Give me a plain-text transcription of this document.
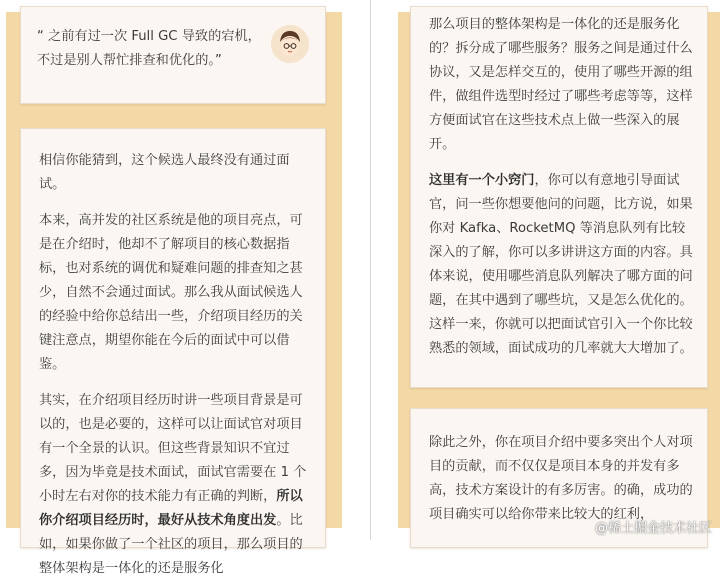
“ 之前有过一次 Full GC 导致的宕机，不过是别人帮忙排查和优化的。”

相信你能猜到，这个候选人最终没有通过面试。

本来，高并发的社区系统是他的项目亮点，可是在介绍时，他却不了解项目的核心数据指标，也对系统的调优和疑难问题的排查知之甚少，自然不会通过面试。那么我从面试候选人的经验中给你总结出一些，介绍项目经历的关键注意点，期望你能在今后的面试中可以借鉴。

其实，在介绍项目经历时讲一些项目背景是可以的，也是必要的，这样可以让面试官对项目有一个全景的认识。但这些背景知识不宜过多，因为毕竟是技术面试，面试官需要在 1 个小时左右对你的技术能力有正确的判断，所以你介绍项目经历时，最好从技术角度出发。比如，如果你做了一个社区的项目，那么项目的整体架构是一体化的还是服务化

那么项目的整体架构是一体化的还是服务化的？拆分成了哪些服务？服务之间是通过什么协议，又是怎样交互的，使用了哪些开源的组件，做组件选型时经过了哪些考虑等等，这样方便面试官在这些技术点上做一些深入的展开。

这里有一个小窍门，你可以有意地引导面试官，问一些你想要他问的问题，比方说，如果你对 Kafka、RocketMQ 等消息队列有比较深入的了解，你可以多讲讲这方面的内容。具体来说，使用哪些消息队列解决了哪方面的问题，在其中遇到了哪些坑，又是怎么优化的。这样一来，你就可以把面试官引入一个你比较熟悉的领域，面试成功的几率就大大增加了。

除此之外，你在项目介绍中要多突出个人对项目的贡献，而不仅仅是项目本身的并发有多高，技术方案设计的有多厉害。的确，成功的项目确实可以给你带来比较大的红利，

@稀土掘金技术社区
